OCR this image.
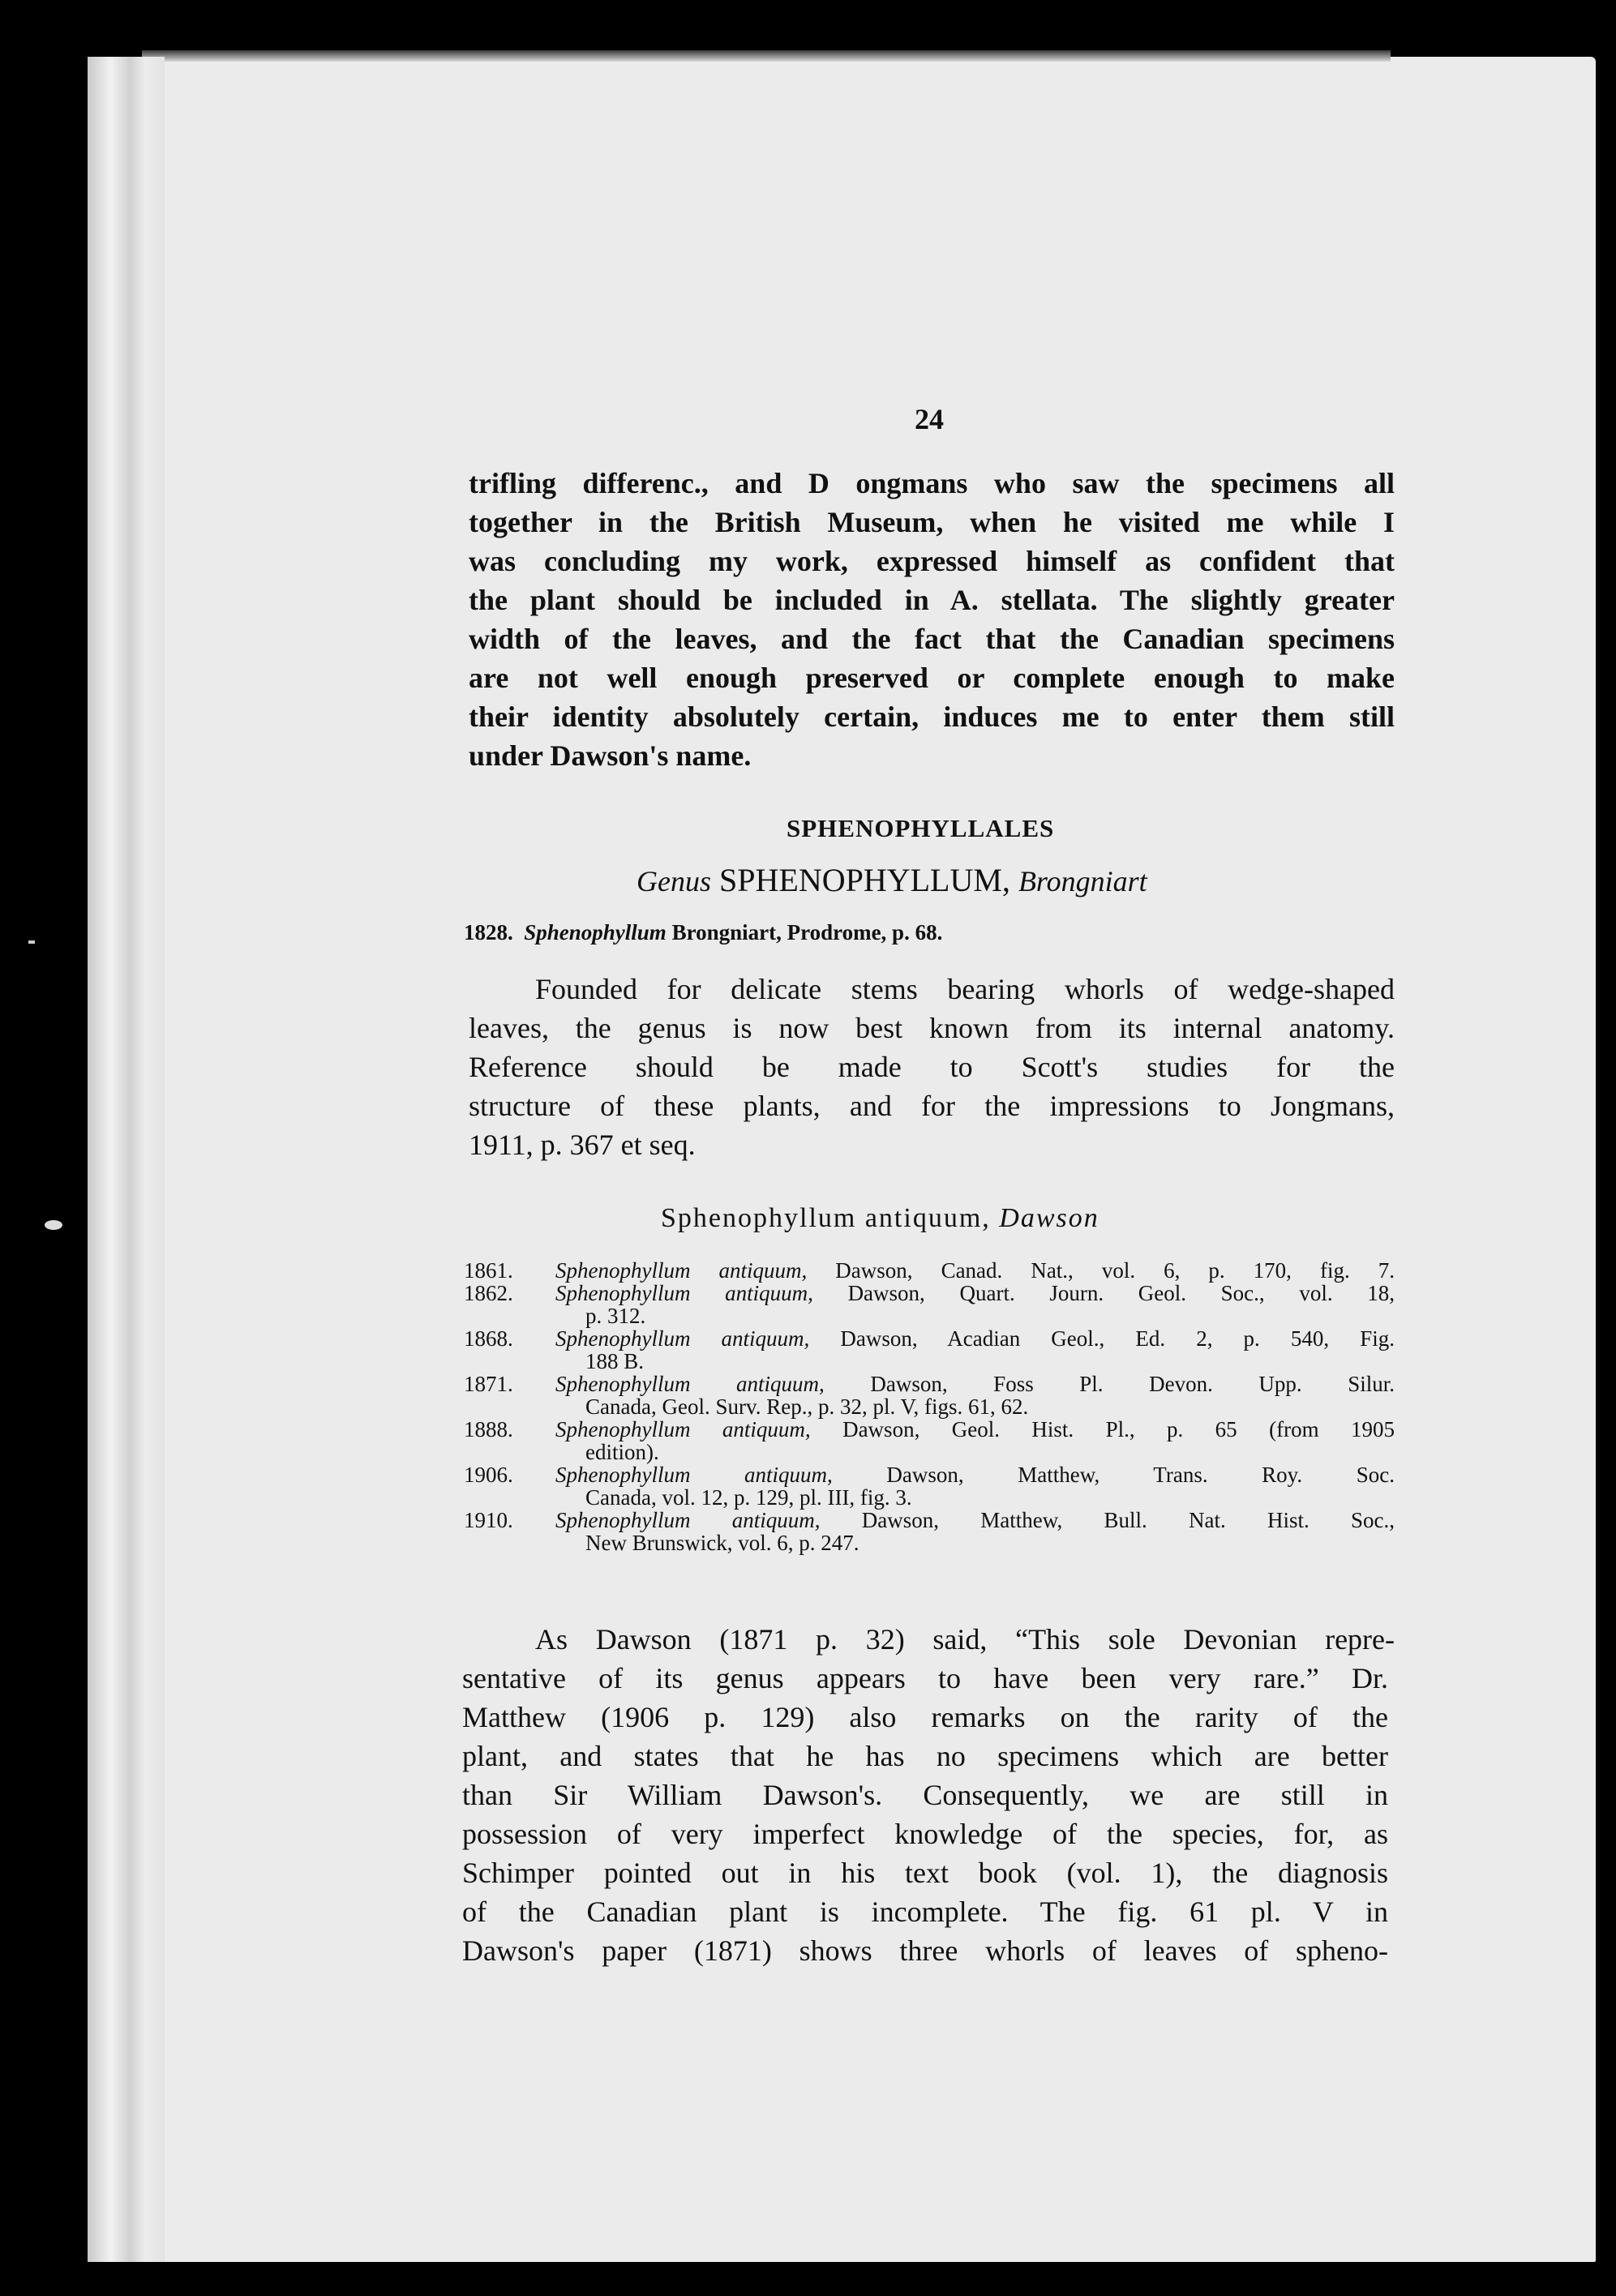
24
trifling differenc., and D ongmans who saw the specimens all
together in the British Museum, when he visited me while I
was concluding my work, expressed himself as confident that
the plant should be included in A. stellata. The slightly greater
width of the leaves, and the fact that the Canadian specimens
are not well enough preserved or complete enough to make
their identity absolutely certain, induces me to enter them still
under Dawson's name.
SPHENOPHYLLALES
Genus SPHENOPHYLLUM, Brongniart
1828. Sphenophyllum Brongniart, Prodrome, p. 68.
Founded for delicate stems bearing whorls of wedge-shaped
leaves, the genus is now best known from its internal anatomy.
Reference should be made to Scott's studies for the
structure of these plants, and for the impressions to Jongmans,
1911, p. 367 et seq.
Sphenophyllum antiquum, Dawson
1861. Sphenophyllum antiquum, Dawson, Canad. Nat., vol. 6, p. 170, fig. 7.
1862. Sphenophyllum antiquum, Dawson, Quart. Journ. Geol. Soc., vol. 18,
p. 312.
1868. Sphenophyllum antiquum, Dawson, Acadian Geol., Ed. 2, p. 540, Fig.
188 B.
1871. Sphenophyllum antiquum, Dawson, Foss Pl. Devon. Upp. Silur.
Canada, Geol. Surv. Rep., p. 32, pl. V, figs. 61, 62.
1888. Sphenophyllum antiquum, Dawson, Geol. Hist. Pl., p. 65 (from 1905
edition).
1906. Sphenophyllum antiquum, Dawson, Matthew, Trans. Roy. Soc.
Canada, vol. 12, p. 129, pl. III, fig. 3.
1910. Sphenophyllum antiquum, Dawson, Matthew, Bull. Nat. Hist. Soc.,
New Brunswick, vol. 6, p. 247.
As Dawson (1871 p. 32) said, “This sole Devonian repre-
sentative of its genus appears to have been very rare.” Dr.
Matthew (1906 p. 129) also remarks on the rarity of the
plant, and states that he has no specimens which are better
than Sir William Dawson's. Consequently, we are still in
possession of very imperfect knowledge of the species, for, as
Schimper pointed out in his text book (vol. 1), the diagnosis
of the Canadian plant is incomplete. The fig. 61 pl. V in
Dawson's paper (1871) shows three whorls of leaves of spheno-
